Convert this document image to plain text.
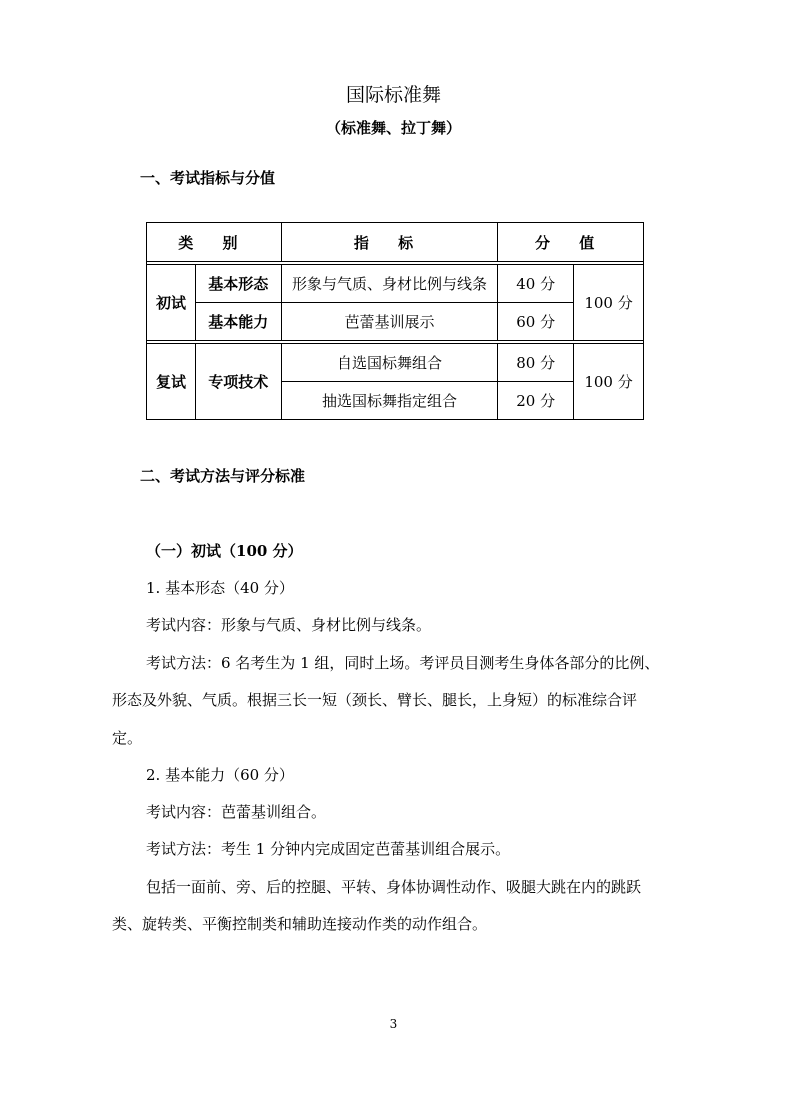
国际标准舞
（标准舞、拉丁舞）
一、考试指标与分值
类 别		指 标	分 值	

初试	基本形态	形象与气质、身材比例与线条	40 分	100 分
	基本能力	芭蕾基训展示	60 分	

复试	专项技术	自选国标舞组合	80 分	100 分
		抽选国标舞指定组合	20 分	
二、考试方法与评分标准
（一）初试（100 分）
1. 基本形态（40 分）
考试内容：形象与气质、身材比例与线条。
考试方法：6 名考生为 1 组，同时上场。考评员目测考生身体各部分的比例、
形态及外貌、气质。根据三长一短（颈长、臂长、腿长，上身短）的标准综合评
定。
2. 基本能力（60 分）
考试内容：芭蕾基训组合。
考试方法：考生 1 分钟内完成固定芭蕾基训组合展示。
包括一面前、旁、后的控腿、平转、身体协调性动作、吸腿大跳在内的跳跃
类、旋转类、平衡控制类和辅助连接动作类的动作组合。
3
